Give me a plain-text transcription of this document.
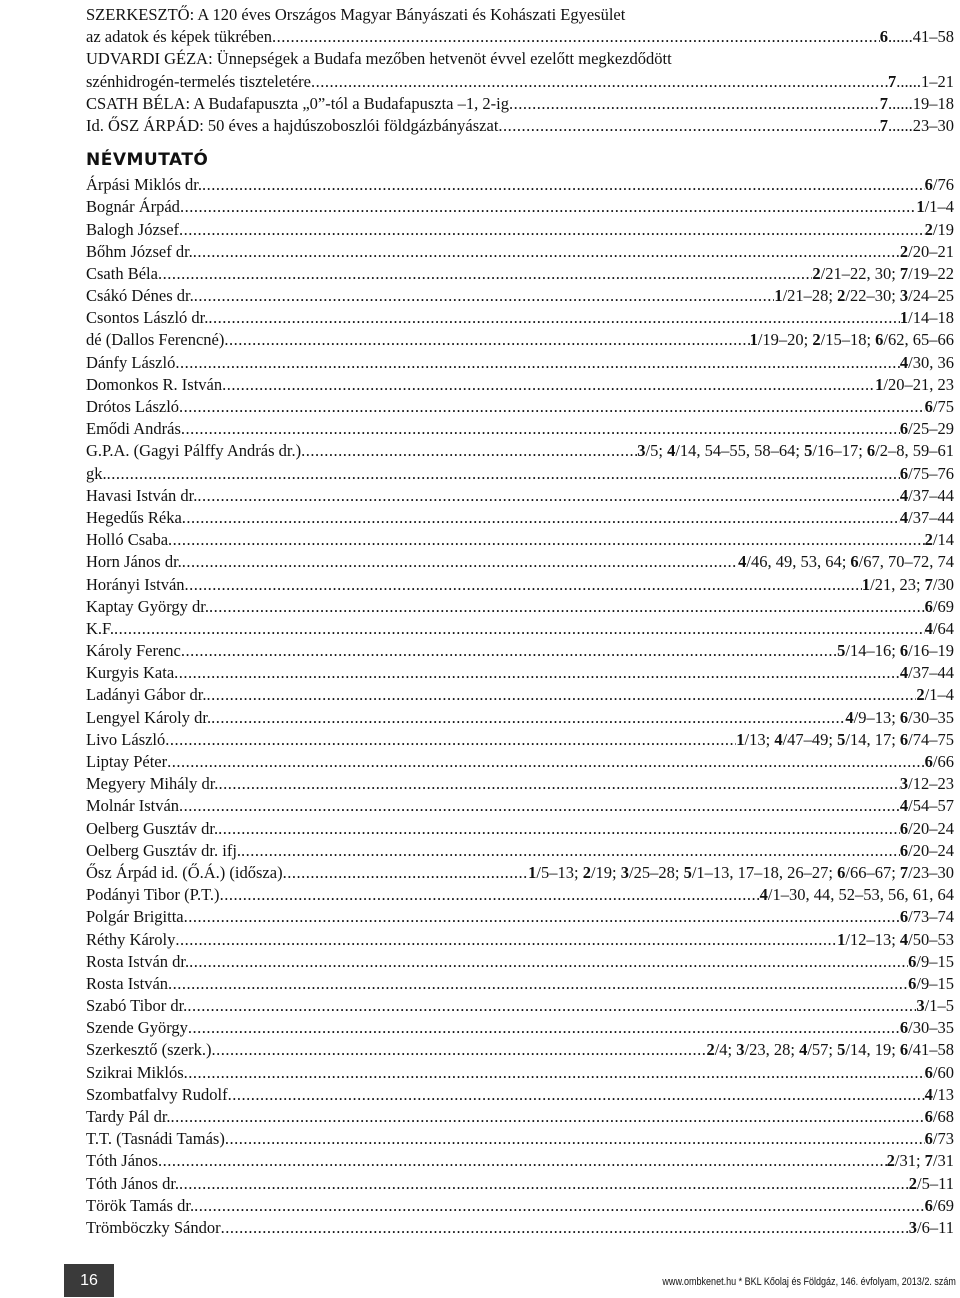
SZERKESZTŐ: A 120 éves Országos Magyar Bányászati és Kohászati Egyesület
az adatok és képek tükrében .....	6......41–58
UDVARDI GÉZA: Ünnepségek a Budafa mezőben hetvenöt évvel ezelőtt megkezdődött
szénhidrogén-termelés tiszteletére .....	7......1–21
CSATH BÉLA: A Budafapuszta „0”-tól a Budafapuszta –1, 2-ig .....	7......19–18
Id. ŐSZ ÁRPÁD: 50 éves a hajdúszoboszlói földgázbányászat .....	7......23–30
NÉVMUTATÓ
Árpási Miklós dr. .....	6/76
Bognár Árpád .....	1/1–4
Balogh József .....	2/19
Bőhm József dr. .....	2/20–21
Csath Béla .....	2/21–22, 30; 7/19–22
Csákó Dénes dr. .....	1/21–28; 2/22–30; 3/24–25
Csontos László dr. .....	1/14–18
dé (Dallos Ferencné) .....	1/19–20; 2/15–18; 6/62, 65–66
Dánfy László .....	4/30, 36
Domonkos R. István .....	1/20–21, 23
Drótos László .....	6/75
Emődi András .....	6/25–29
G.P.A. (Gagyi Pálffy András dr.) .....	3/5; 4/14, 54–55, 58–64; 5/16–17; 6/2–8, 59–61
gk. .....	6/75–76
Havasi István dr. .....	4/37–44
Hegedűs Réka .....	4/37–44
Holló Csaba .....	2/14
Horn János dr. .....	4/46, 49, 53, 64; 6/67, 70–72, 74
Horányi István .....	1/21, 23; 7/30
Kaptay György dr. .....	6/69
K.F. .....	4/64
Károly Ferenc .....	5/14–16; 6/16–19
Kurgyis Kata .....	4/37–44
Ladányi Gábor dr. .....	2/1–4
Lengyel Károly dr. .....	4/9–13; 6/30–35
Livo László .....	1/13; 4/47–49; 5/14, 17; 6/74–75
Liptay Péter .....	6/66
Megyery Mihály dr. .....	3/12–23
Molnár István .....	4/54–57
Oelberg Gusztáv dr. .....	6/20–24
Oelberg Gusztáv dr. ifj. .....	6/20–24
Ősz Árpád id. (Ő.Á.) (idősza) .....	1/5–13; 2/19; 3/25–28; 5/1–13, 17–18, 26–27; 6/66–67; 7/23–30
Podányi Tibor (P.T.) .....	4/1–30, 44, 52–53, 56, 61, 64
Polgár Brigitta .....	6/73–74
Réthy Károly .....	1/12–13; 4/50–53
Rosta István dr. .....	6/9–15
Rosta István .....	6/9–15
Szabó Tibor dr. .....	3/1–5
Szende György .....	6/30–35
Szerkesztő (szerk.) .....	2/4; 3/23, 28; 4/57; 5/14, 19; 6/41–58
Szikrai Miklós .....	6/60
Szombatfalvy Rudolf .....	4/13
Tardy Pál dr. .....	6/68
T.T. (Tasnádi Tamás) .....	6/73
Tóth János .....	2/31; 7/31
Tóth János dr. .....	2/5–11
Török Tamás dr. .....	6/69
Trömböczky Sándor .....	3/6–11
16	www.ombkenet.hu * BKL Kőolaj és Földgáz, 146. évfolyam, 2013/2. szám
